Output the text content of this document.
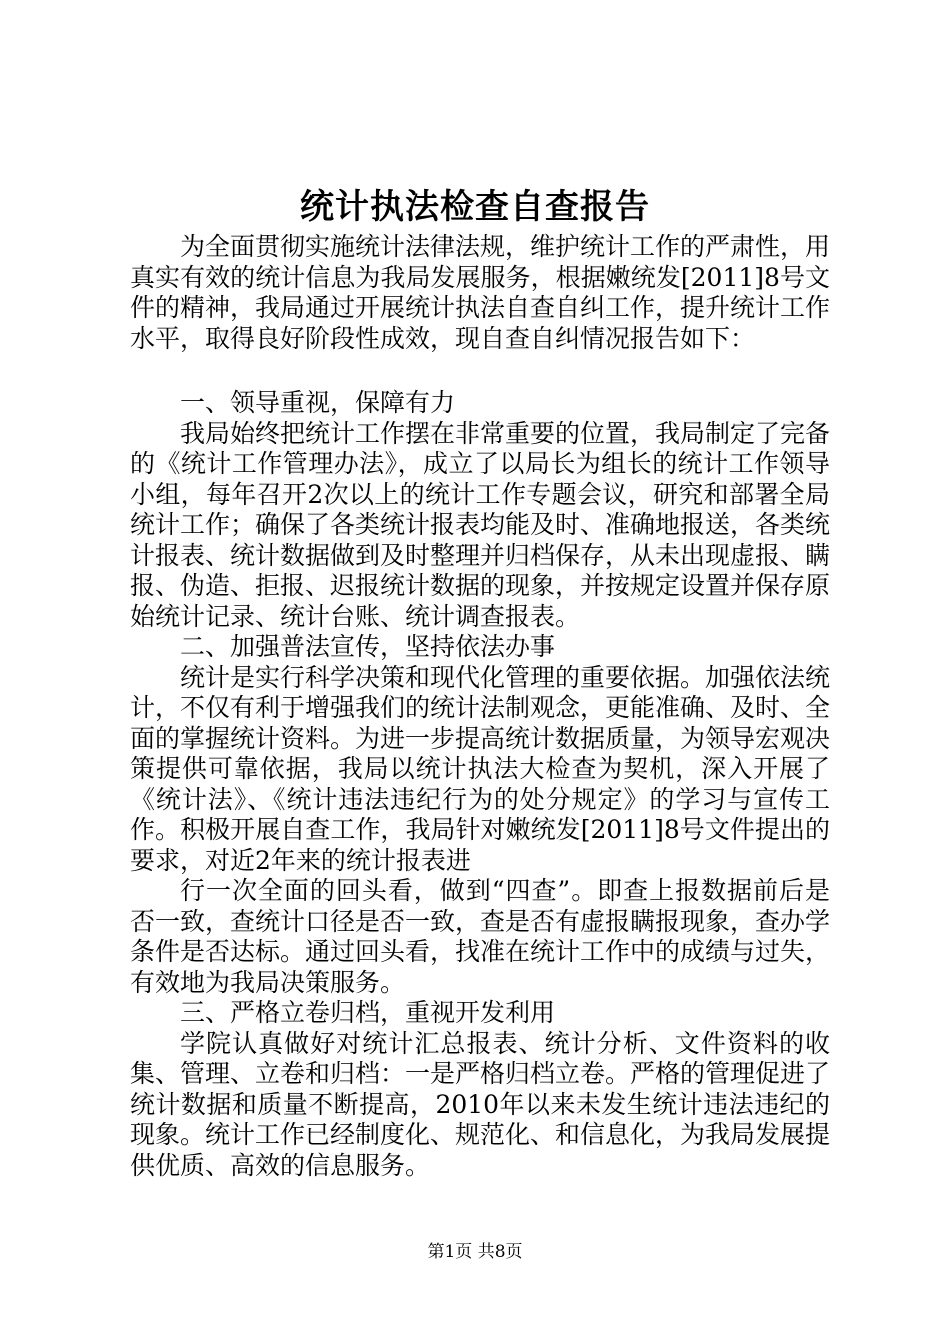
统计执法检查自查报告

为全面贯彻实施统计法律法规，维护统计工作的严肃性，用真实有效的统计信息为我局发展服务，根据嫩统发[2011]8号文件的精神，我局通过开展统计执法自查自纠工作，提升统计工作水平，取得良好阶段性成效，现自查自纠情况报告如下：

一、领导重视，保障有力

我局始终把统计工作摆在非常重要的位置，我局制定了完备的《统计工作管理办法》，成立了以局长为组长的统计工作领导小组，每年召开2次以上的统计工作专题会议，研究和部署全局统计工作；确保了各类统计报表均能及时、准确地报送，各类统计报表、统计数据做到及时整理并归档保存，从未出现虚报、瞒报、伪造、拒报、迟报统计数据的现象，并按规定设置并保存原始统计记录、统计台账、统计调查报表。

二、加强普法宣传，坚持依法办事

统计是实行科学决策和现代化管理的重要依据。加强依法统计，不仅有利于增强我们的统计法制观念，更能准确、及时、全面的掌握统计资料。为进一步提高统计数据质量，为领导宏观决策提供可靠依据，我局以统计执法大检查为契机，深入开展了《统计法》、《统计违法违纪行为的处分规定》的学习与宣传工作。积极开展自查工作，我局针对嫩统发[2011]8号文件提出的要求，对近2年来的统计报表进

行一次全面的回头看，做到“四查”。即查上报数据前后是否一致，查统计口径是否一致，查是否有虚报瞒报现象，查办学条件是否达标。通过回头看，找准在统计工作中的成绩与过失，有效地为我局决策服务。

三、严格立卷归档，重视开发利用

学院认真做好对统计汇总报表、统计分析、文件资料的收集、管理、立卷和归档：一是严格归档立卷。严格的管理促进了统计数据和质量不断提高，2010年以来未发生统计违法违纪的现象。统计工作已经制度化、规范化、和信息化，为我局发展提供优质、高效的信息服务。

第1页 共8页
